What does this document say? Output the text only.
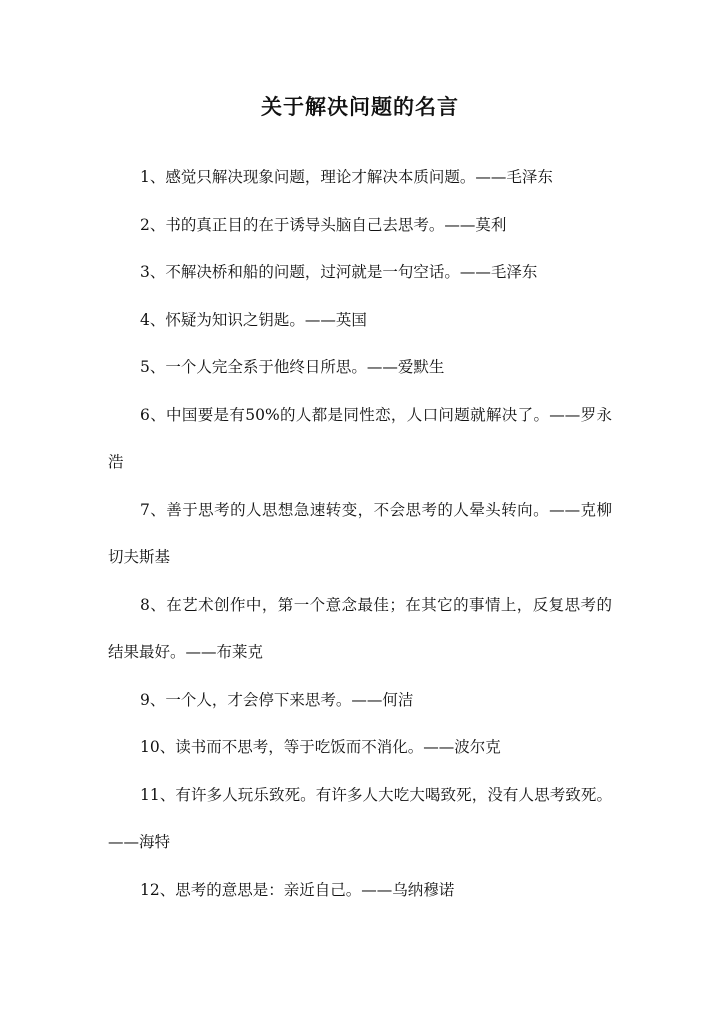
关于解决问题的名言

1、感觉只解决现象问题，理论才解决本质问题。——毛泽东

2、书的真正目的在于诱导头脑自己去思考。——莫利

3、不解决桥和船的问题，过河就是一句空话。——毛泽东

4、怀疑为知识之钥匙。——英国

5、一个人完全系于他终日所思。——爱默生

6、中国要是有50%的人都是同性恋，人口问题就解决了。——罗永浩

7、善于思考的人思想急速转变，不会思考的人晕头转向。——克柳切夫斯基

8、在艺术创作中，第一个意念最佳；在其它的事情上，反复思考的结果最好。——布莱克

9、一个人，才会停下来思考。——何洁

10、读书而不思考，等于吃饭而不消化。——波尔克

11、有许多人玩乐致死。有许多人大吃大喝致死，没有人思考致死。——海特

12、思考的意思是：亲近自己。——乌纳穆诺
